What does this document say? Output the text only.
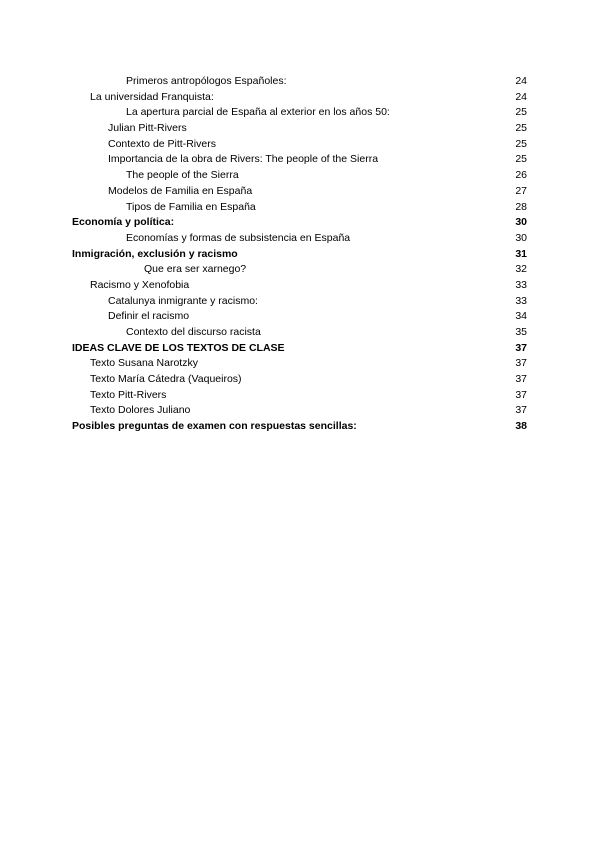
Primeros antropólogos Españoles:	24
La universidad Franquista:	24
La apertura parcial de España al exterior en los años 50:	25
Julian Pitt-Rivers	25
Contexto de Pitt-Rivers	25
Importancia de la obra de Rivers: The people of the Sierra	25
The people of the Sierra	26
Modelos de Familia en España	27
Tipos de Familia en España	28
Economía y política:	30
Economías y formas de subsistencia en España	30
Inmigración, exclusión y racismo	31
Que era ser xarnego?	32
Racismo y Xenofobia	33
Catalunya inmigrante y racismo:	33
Definir el racismo	34
Contexto del discurso racista	35
IDEAS CLAVE DE LOS TEXTOS DE CLASE	37
Texto Susana Narotzky	37
Texto María Cátedra (Vaqueiros)	37
Texto Pitt-Rivers	37
Texto Dolores Juliano	37
Posibles preguntas de examen con respuestas sencillas:	38
